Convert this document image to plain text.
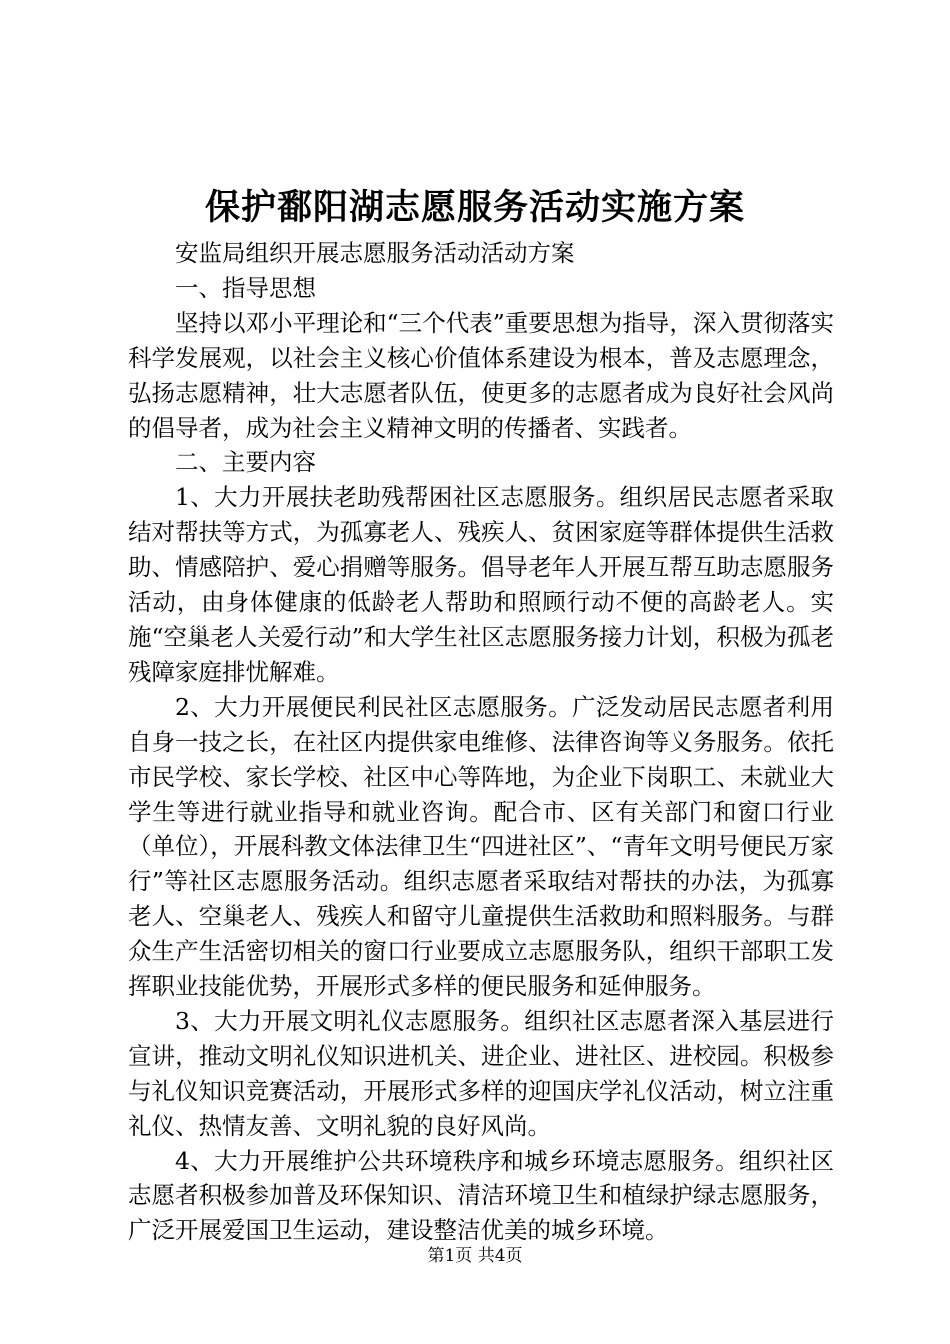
保护鄱阳湖志愿服务活动实施方案

安监局组织开展志愿服务活动活动方案

一、指导思想

坚持以邓小平理论和“三个代表”重要思想为指导，深入贯彻落实科学发展观，以社会主义核心价值体系建设为根本，普及志愿理念，弘扬志愿精神，壮大志愿者队伍，使更多的志愿者成为良好社会风尚的倡导者，成为社会主义精神文明的传播者、实践者。

二、主要内容

1、大力开展扶老助残帮困社区志愿服务。组织居民志愿者采取结对帮扶等方式，为孤寡老人、残疾人、贫困家庭等群体提供生活救助、情感陪护、爱心捐赠等服务。倡导老年人开展互帮互助志愿服务活动，由身体健康的低龄老人帮助和照顾行动不便的高龄老人。实施“空巢老人关爱行动”和大学生社区志愿服务接力计划，积极为孤老残障家庭排忧解难。

2、大力开展便民利民社区志愿服务。广泛发动居民志愿者利用自身一技之长，在社区内提供家电维修、法律咨询等义务服务。依托市民学校、家长学校、社区中心等阵地，为企业下岗职工、未就业大学生等进行就业指导和就业咨询。配合市、区有关部门和窗口行业（单位），开展科教文体法律卫生“四进社区”、“青年文明号便民万家行”等社区志愿服务活动。组织志愿者采取结对帮扶的办法，为孤寡老人、空巢老人、残疾人和留守儿童提供生活救助和照料服务。与群众生产生活密切相关的窗口行业要成立志愿服务队，组织干部职工发挥职业技能优势，开展形式多样的便民服务和延伸服务。

3、大力开展文明礼仪志愿服务。组织社区志愿者深入基层进行宣讲，推动文明礼仪知识进机关、进企业、进社区、进校园。积极参与礼仪知识竞赛活动，开展形式多样的迎国庆学礼仪活动，树立注重礼仪、热情友善、文明礼貌的良好风尚。

4、大力开展维护公共环境秩序和城乡环境志愿服务。组织社区志愿者积极参加普及环保知识、清洁环境卫生和植绿护绿志愿服务，广泛开展爱国卫生运动，建设整洁优美的城乡环境。

第1页 共4页
